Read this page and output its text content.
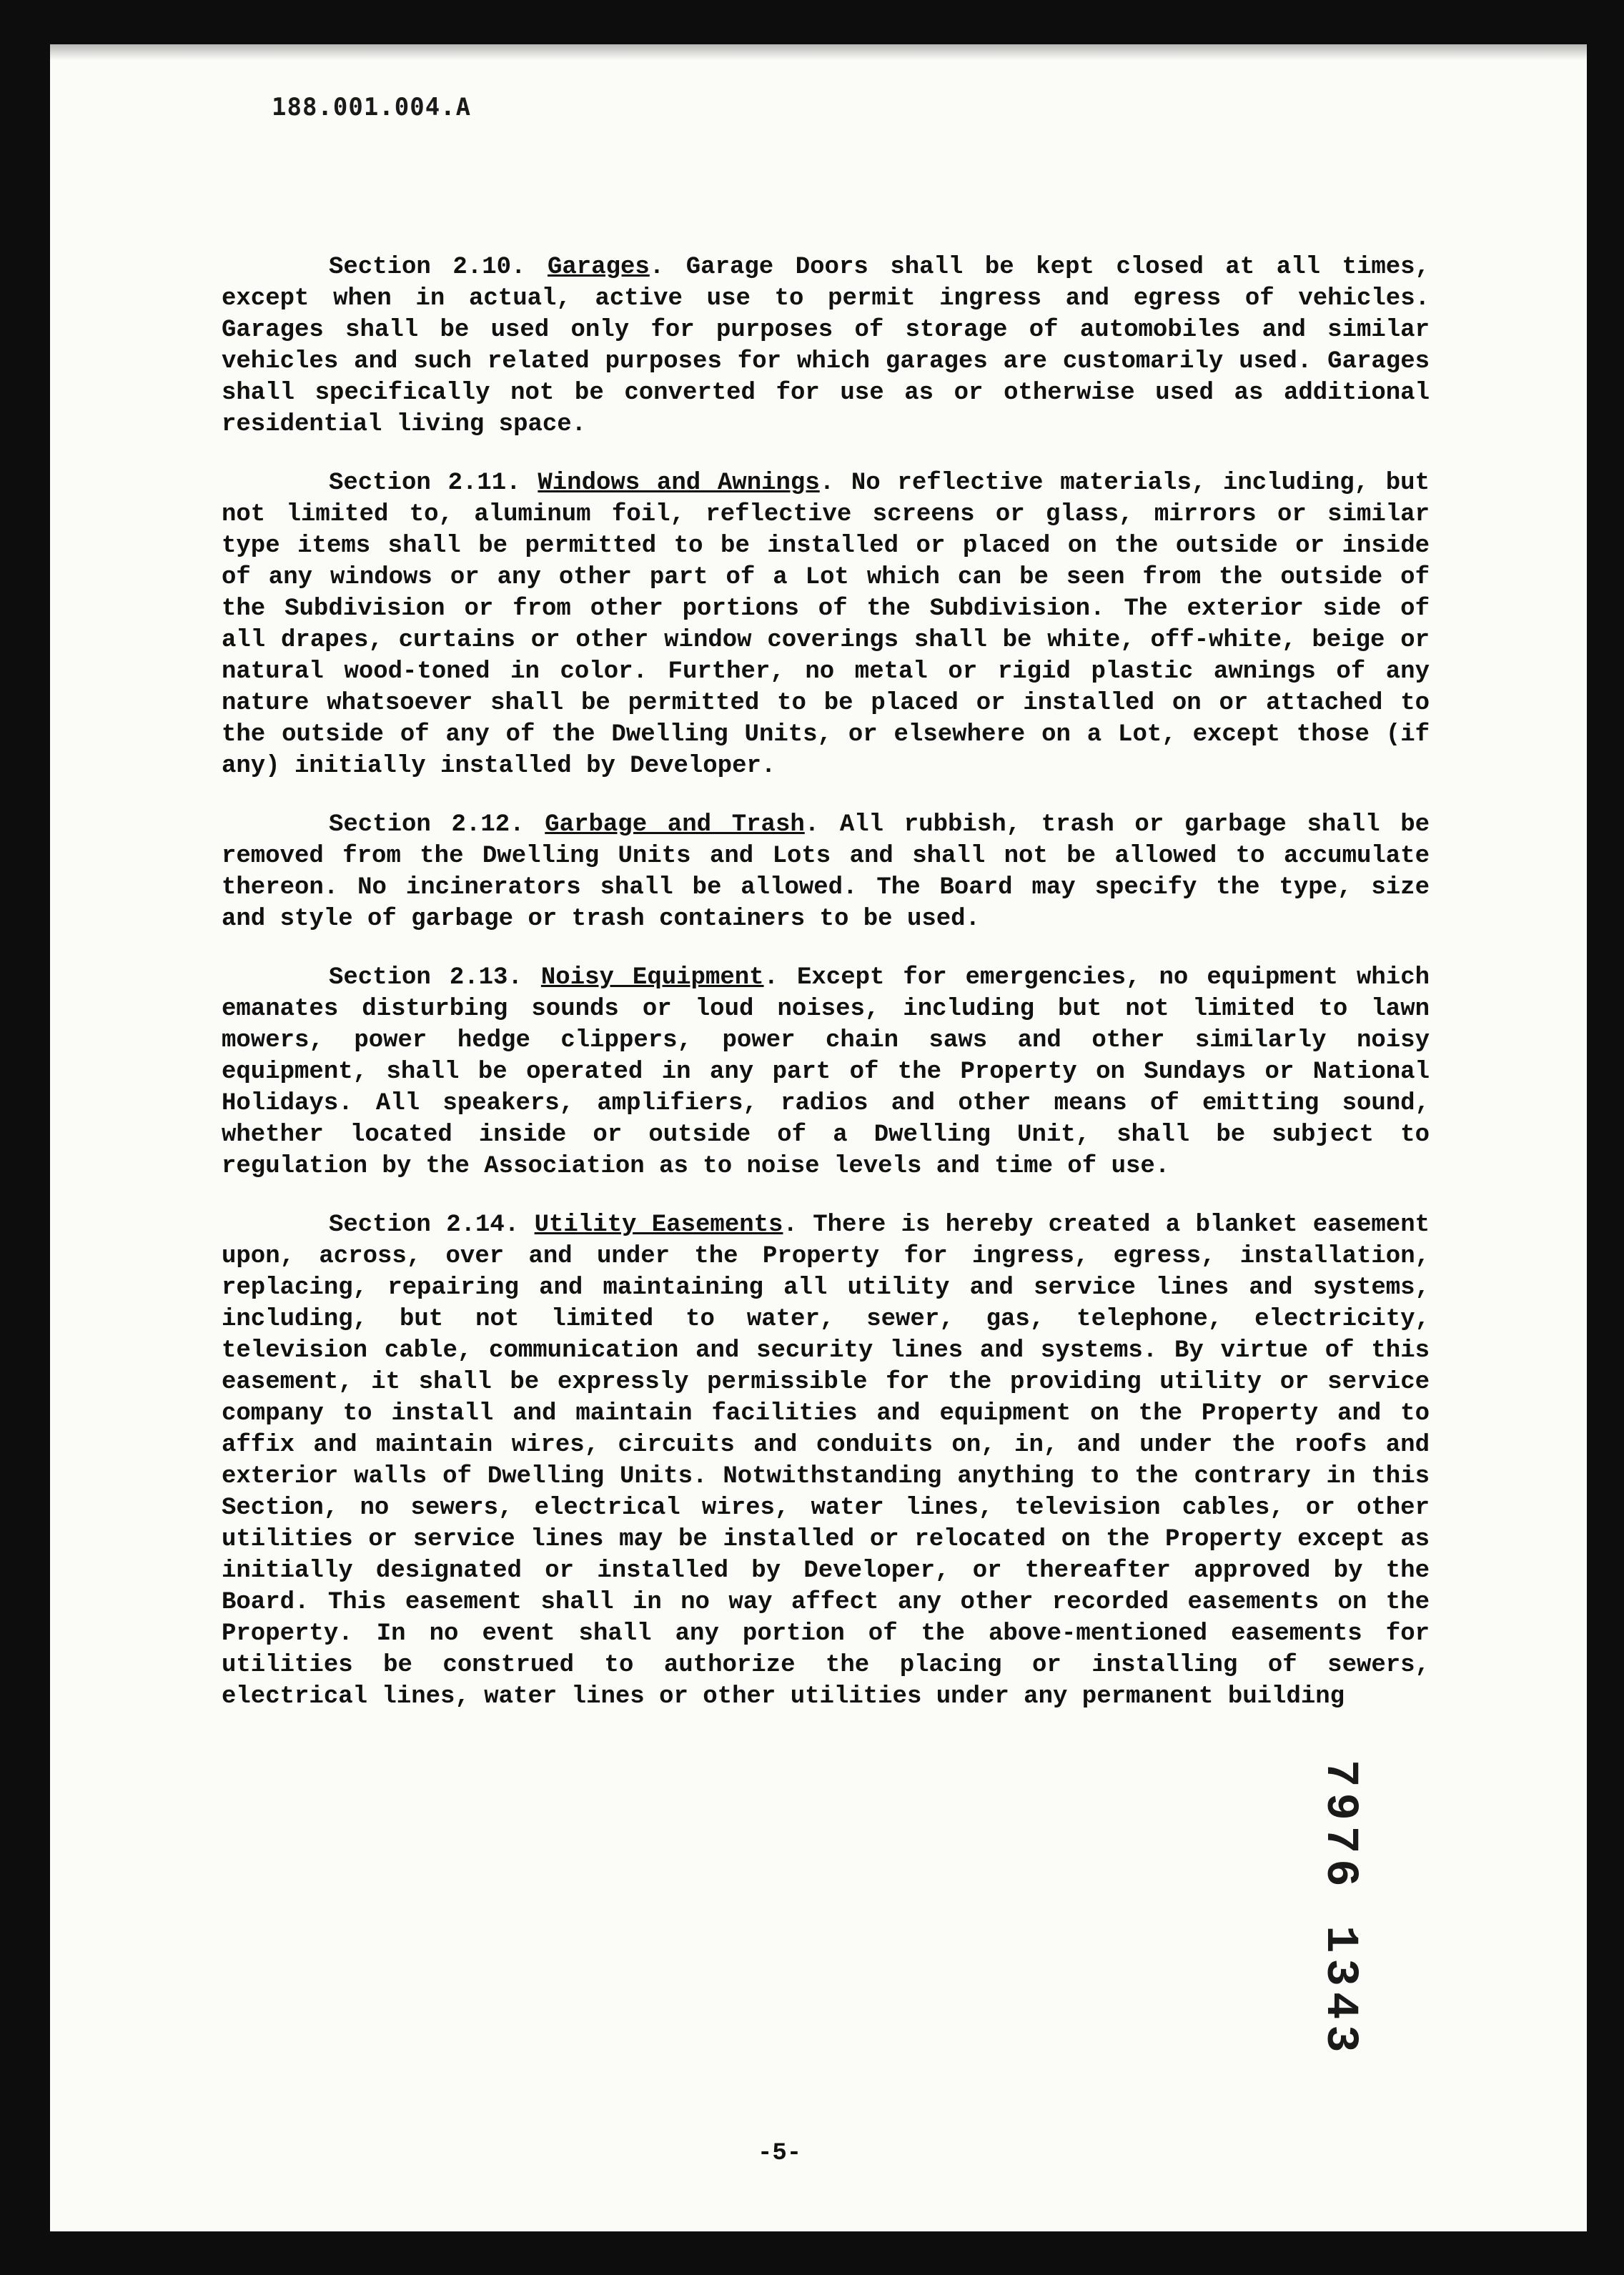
188.001.004.A

Section 2.10. Garages. Garage Doors shall be kept closed at all times, except when in actual, active use to permit ingress and egress of vehicles. Garages shall be used only for purposes of storage of automobiles and similar vehicles and such related purposes for which garages are customarily used. Garages shall specifically not be converted for use as or otherwise used as additional residential living space.

Section 2.11. Windows and Awnings. No reflective materials, including, but not limited to, aluminum foil, reflective screens or glass, mirrors or similar type items shall be permitted to be installed or placed on the outside or inside of any windows or any other part of a Lot which can be seen from the outside of the Subdivision or from other portions of the Subdivision. The exterior side of all drapes, curtains or other window coverings shall be white, off-white, beige or natural wood-toned in color. Further, no metal or rigid plastic awnings of any nature whatsoever shall be permitted to be placed or installed on or attached to the outside of any of the Dwelling Units, or elsewhere on a Lot, except those (if any) initially installed by Developer.

Section 2.12. Garbage and Trash. All rubbish, trash or garbage shall be removed from the Dwelling Units and Lots and shall not be allowed to accumulate thereon. No incinerators shall be allowed. The Board may specify the type, size and style of garbage or trash containers to be used.

Section 2.13. Noisy Equipment. Except for emergencies, no equipment which emanates disturbing sounds or loud noises, including but not limited to lawn mowers, power hedge clippers, power chain saws and other similarly noisy equipment, shall be operated in any part of the Property on Sundays or National Holidays. All speakers, amplifiers, radios and other means of emitting sound, whether located inside or outside of a Dwelling Unit, shall be subject to regulation by the Association as to noise levels and time of use.

Section 2.14. Utility Easements. There is hereby created a blanket easement upon, across, over and under the Property for ingress, egress, installation, replacing, repairing and maintaining all utility and service lines and systems, including, but not limited to water, sewer, gas, telephone, electricity, television cable, communication and security lines and systems. By virtue of this easement, it shall be expressly permissible for the providing utility or service company to install and maintain facilities and equipment on the Property and to affix and maintain wires, circuits and conduits on, in, and under the roofs and exterior walls of Dwelling Units. Notwithstanding anything to the contrary in this Section, no sewers, electrical wires, water lines, television cables, or other utilities or service lines may be installed or relocated on the Property except as initially designated or installed by Developer, or thereafter approved by the Board. This easement shall in no way affect any other recorded easements on the Property. In no event shall any portion of the above-mentioned easements for utilities be construed to authorize the placing or installing of sewers, electrical lines, water lines or other utilities under any permanent building

7976 1343
-5-
